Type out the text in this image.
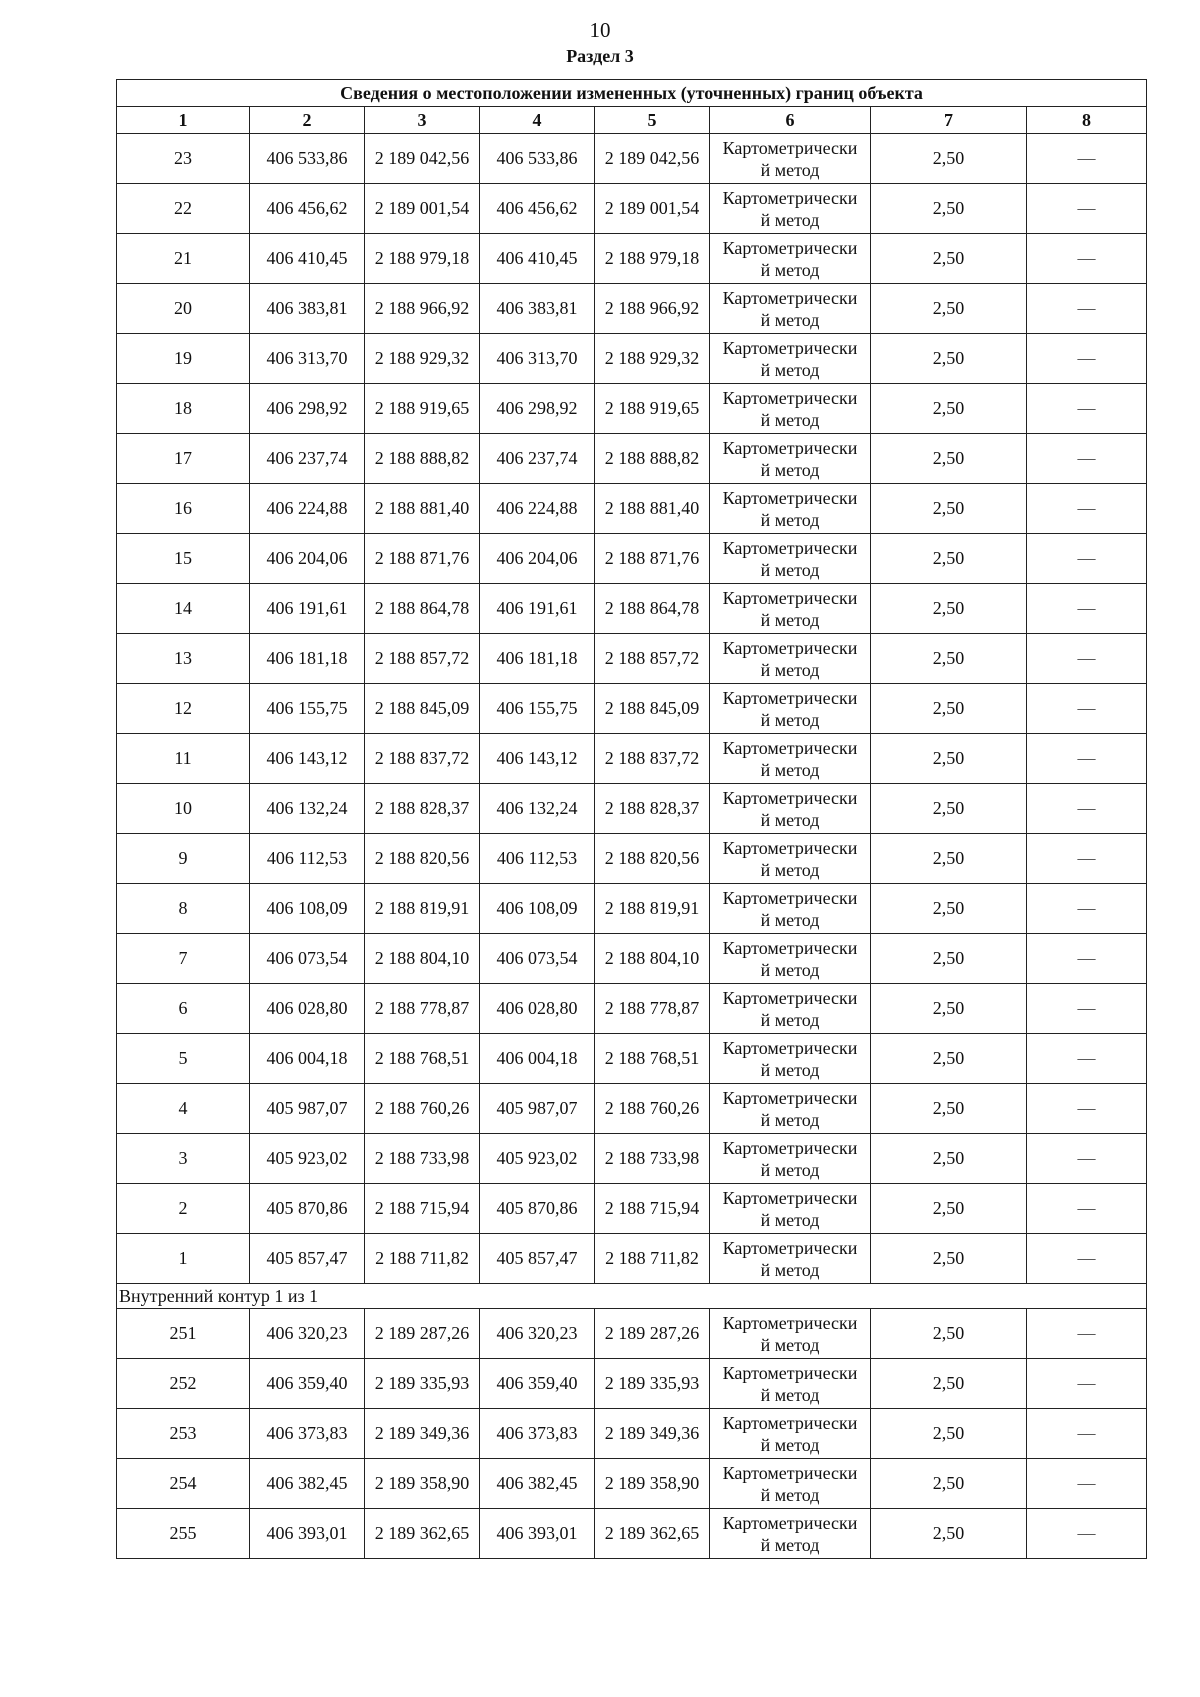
10
Раздел 3
Сведения о местоположении измененных (уточненных) границ объекта							
1	2	3	4	5	6	7	8
23	406 533,86	2 189 042,56	406 533,86	2 189 042,56	Картометрически
й метод	2,50	—
22	406 456,62	2 189 001,54	406 456,62	2 189 001,54	Картометрически
й метод	2,50	—
21	406 410,45	2 188 979,18	406 410,45	2 188 979,18	Картометрически
й метод	2,50	—
20	406 383,81	2 188 966,92	406 383,81	2 188 966,92	Картометрически
й метод	2,50	—
19	406 313,70	2 188 929,32	406 313,70	2 188 929,32	Картометрически
й метод	2,50	—
18	406 298,92	2 188 919,65	406 298,92	2 188 919,65	Картометрически
й метод	2,50	—
17	406 237,74	2 188 888,82	406 237,74	2 188 888,82	Картометрически
й метод	2,50	—
16	406 224,88	2 188 881,40	406 224,88	2 188 881,40	Картометрически
й метод	2,50	—
15	406 204,06	2 188 871,76	406 204,06	2 188 871,76	Картометрически
й метод	2,50	—
14	406 191,61	2 188 864,78	406 191,61	2 188 864,78	Картометрически
й метод	2,50	—
13	406 181,18	2 188 857,72	406 181,18	2 188 857,72	Картометрически
й метод	2,50	—
12	406 155,75	2 188 845,09	406 155,75	2 188 845,09	Картометрически
й метод	2,50	—
11	406 143,12	2 188 837,72	406 143,12	2 188 837,72	Картометрически
й метод	2,50	—
10	406 132,24	2 188 828,37	406 132,24	2 188 828,37	Картометрически
й метод	2,50	—
9	406 112,53	2 188 820,56	406 112,53	2 188 820,56	Картометрически
й метод	2,50	—
8	406 108,09	2 188 819,91	406 108,09	2 188 819,91	Картометрически
й метод	2,50	—
7	406 073,54	2 188 804,10	406 073,54	2 188 804,10	Картометрически
й метод	2,50	—
6	406 028,80	2 188 778,87	406 028,80	2 188 778,87	Картометрически
й метод	2,50	—
5	406 004,18	2 188 768,51	406 004,18	2 188 768,51	Картометрически
й метод	2,50	—
4	405 987,07	2 188 760,26	405 987,07	2 188 760,26	Картометрически
й метод	2,50	—
3	405 923,02	2 188 733,98	405 923,02	2 188 733,98	Картометрически
й метод	2,50	—
2	405 870,86	2 188 715,94	405 870,86	2 188 715,94	Картометрически
й метод	2,50	—
1	405 857,47	2 188 711,82	405 857,47	2 188 711,82	Картометрически
й метод	2,50	—
Внутренний контур 1 из 1							
251	406 320,23	2 189 287,26	406 320,23	2 189 287,26	Картометрически
й метод	2,50	—
252	406 359,40	2 189 335,93	406 359,40	2 189 335,93	Картометрически
й метод	2,50	—
253	406 373,83	2 189 349,36	406 373,83	2 189 349,36	Картометрически
й метод	2,50	—
254	406 382,45	2 189 358,90	406 382,45	2 189 358,90	Картометрически
й метод	2,50	—
255	406 393,01	2 189 362,65	406 393,01	2 189 362,65	Картометрически
й метод	2,50	—
